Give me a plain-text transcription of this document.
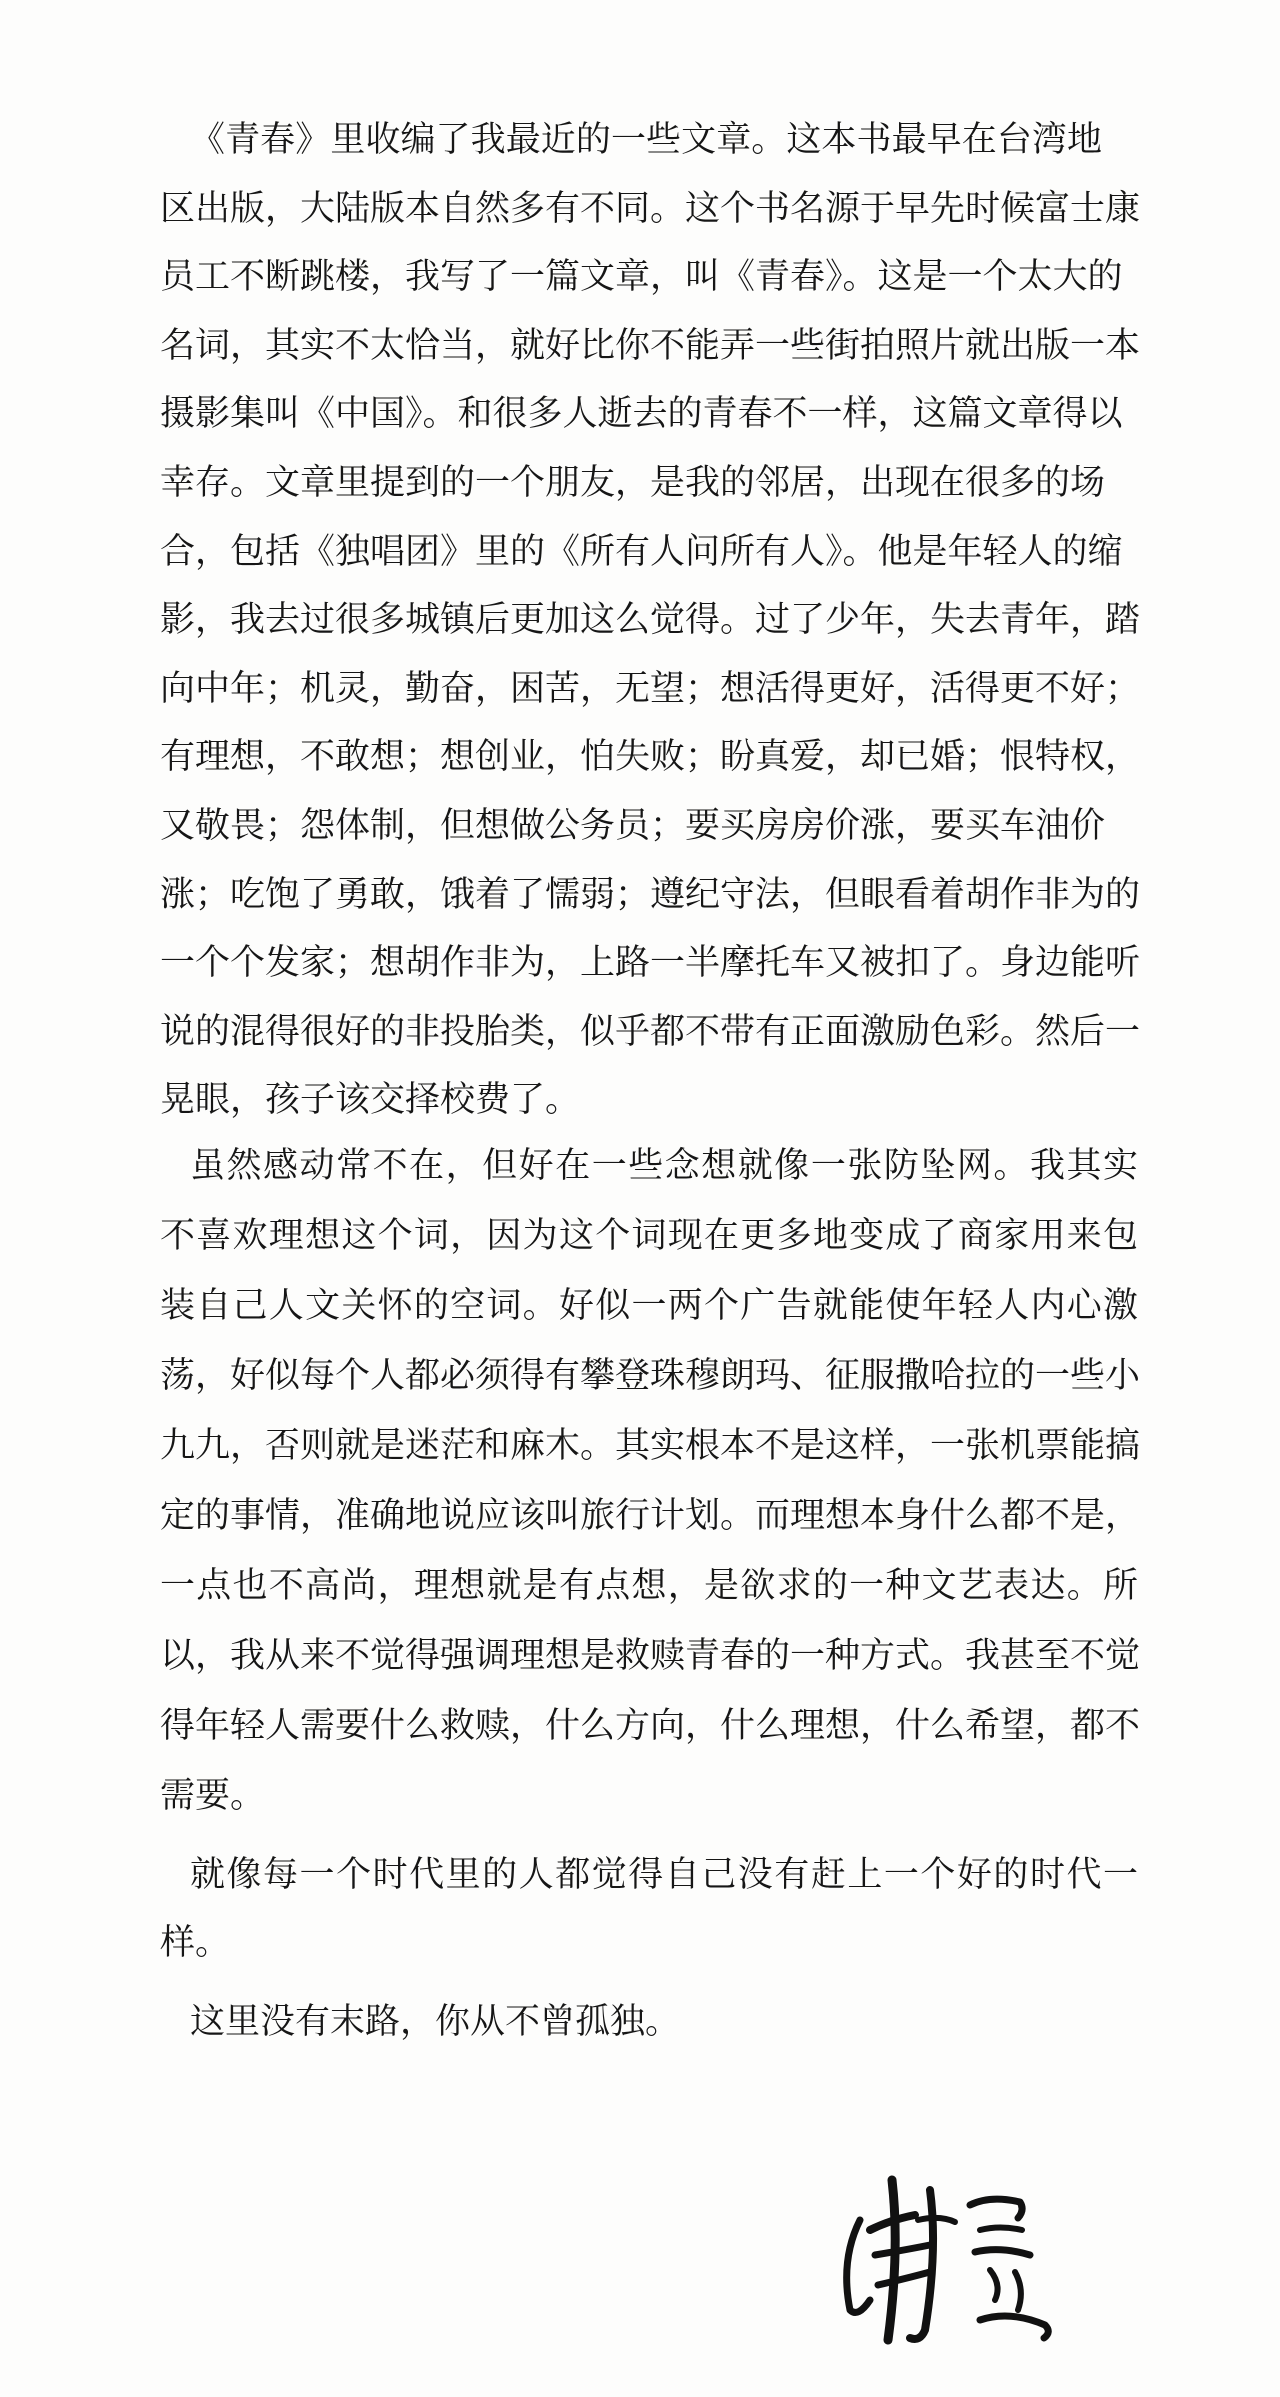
《青春》里收编了我最近的一些文章。这本书最早在台湾地
区出版，大陆版本自然多有不同。这个书名源于早先时候富士康
员工不断跳楼，我写了一篇文章，叫《青春》。这是一个太大的
名词，其实不太恰当，就好比你不能弄一些街拍照片就出版一本
摄影集叫《中国》。和很多人逝去的青春不一样，这篇文章得以
幸存。文章里提到的一个朋友，是我的邻居，出现在很多的场
合，包括《独唱团》里的《所有人问所有人》。他是年轻人的缩
影，我去过很多城镇后更加这么觉得。过了少年，失去青年，踏
向中年；机灵，勤奋，困苦，无望；想活得更好，活得更不好；
有理想，不敢想；想创业，怕失败；盼真爱，却已婚；恨特权，
又敬畏；怨体制，但想做公务员；要买房房价涨，要买车油价
涨；吃饱了勇敢，饿着了懦弱；遵纪守法，但眼看着胡作非为的
一个个发家；想胡作非为，上路一半摩托车又被扣了。身边能听
说的混得很好的非投胎类，似乎都不带有正面激励色彩。然后一
晃眼，孩子该交择校费了。
虽然感动常不在，但好在一些念想就像一张防坠网。我其实
不喜欢理想这个词，因为这个词现在更多地变成了商家用来包
装自己人文关怀的空词。好似一两个广告就能使年轻人内心激
荡，好似每个人都必须得有攀登珠穆朗玛、征服撒哈拉的一些小
九九，否则就是迷茫和麻木。其实根本不是这样，一张机票能搞
定的事情，准确地说应该叫旅行计划。而理想本身什么都不是，
一点也不高尚，理想就是有点想，是欲求的一种文艺表达。所
以，我从来不觉得强调理想是救赎青春的一种方式。我甚至不觉
得年轻人需要什么救赎，什么方向，什么理想，什么希望，都不
需要。
就像每一个时代里的人都觉得自己没有赶上一个好的时代一
样。
这里没有末路，你从不曾孤独。
